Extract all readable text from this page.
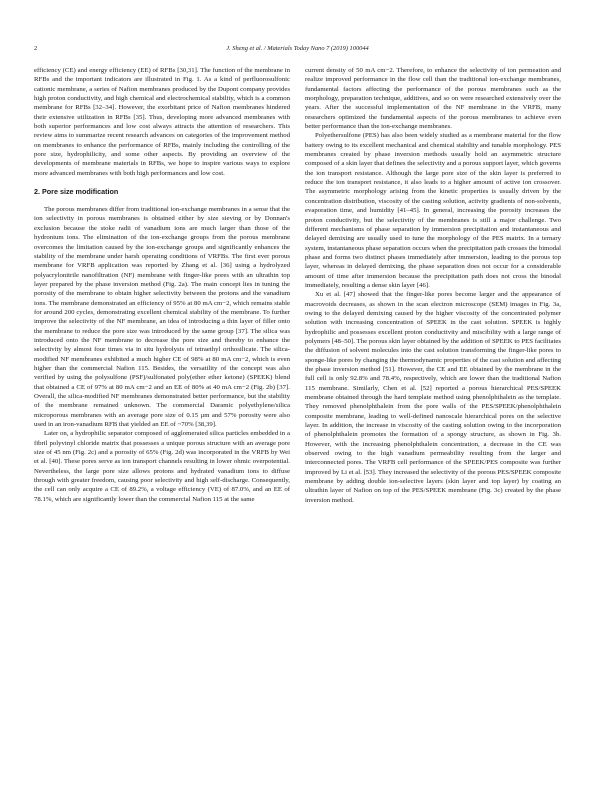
2	J. Sheng et al. / Materials Today Nano 7 (2019) 100044

efficiency (CE) and energy efficiency (EE) of RFBs [30,31]. The function of the membrane in RFBs and the important indicators are illustrated in Fig. 1. As a kind of perfluorosulfonic cationic membrane, a series of Nafion membranes produced by the Dupont company provides high proton conductivity, and high chemical and electrochemical stability, which is a common membrane for RFBs [32–34]. However, the exorbitant price of Nafion membranes hindered their extensive utilization in RFBs [35]. Thus, developing more advanced membranes with both superior performances and low cost always attracts the attention of researchers. This review aims to summarize recent research advances on categories of the improvement method on membranes to enhance the performance of RFBs, mainly including the controlling of the pore size, hydrophilicity, and some other aspects. By providing an overview of the developments of membrane materials in RFBs, we hope to inspire various ways to explore more advanced membranes with both high performances and low cost.

2. Pore size modification

The porous membranes differ from traditional ion-exchange membranes in a sense that the ion selectivity in porous membranes is obtained either by size sieving or by Donnan's exclusion because the stoke radii of vanadium ions are much larger than those of the hydronium ions. The elimination of the ion-exchange groups from the porous membrane overcomes the limitation caused by the ion-exchange groups and significantly enhances the stability of the membrane under harsh operating conditions of VRFBs. The first ever porous membrane for VRFB application was reported by Zhang et al. [36] using a hydrolyzed polyacrylonitrile nanofiltration (NF) membrane with finger-like pores with an ultrathin top layer prepared by the phase inversion method (Fig. 2a). The main concept lies in tuning the porosity of the membrane to obtain higher selectivity between the protons and the vanadium ions. The membrane demonstrated an efficiency of 95% at 80 mA cm−2, which remains stable for around 200 cycles, demonstrating excellent chemical stability of the membrane. To further improve the selectivity of the NF membrane, an idea of introducing a thin layer of filler onto the membrane to reduce the pore size was introduced by the same group [37]. The silica was introduced onto the NF membrane to decrease the pore size and thereby to enhance the selectivity by almost four times via in situ hydrolysis of tetraethyl orthosilicate. The silica-modified NF membranes exhibited a much higher CE of 98% at 80 mA cm−2, which is even higher than the commercial Nafion 115. Besides, the versatility of the concept was also verified by using the polysulfone (PSF)/sulfonated poly(ether ether ketone) (SPEEK) blend that obtained a CE of 97% at 80 mA cm−2 and an EE of 80% at 40 mA cm−2 (Fig. 2b) [37]. Overall, the silica-modified NF membranes demonstrated better performance, but the stability of the membrane remained unknown. The commercial Daramic polyethylene/silica microporous membranes with an average pore size of 0.15 μm and 57% porosity were also used in an iron-vanadium RFB that yielded an EE of ~70% [38,39].

Later on, a hydrophilic separator composed of agglomerated silica particles embedded in a fibril polyvinyl chloride matrix that possesses a unique porous structure with an average pore size of 45 nm (Fig. 2c) and a porosity of 65% (Fig. 2d) was incorporated in the VRFB by Wei et al. [40]. These pores serve as ion transport channels resulting in lower ohmic overpotential. Nevertheless, the large pore size allows protons and hydrated vanadium ions to diffuse through with greater freedom, causing poor selectivity and high self-discharge. Consequently, the cell can only acquire a CE of 89.2%, a voltage efficiency (VE) of 87.0%, and an EE of 78.1%, which are significantly lower than the commercial Nafion 115 at the same

current density of 50 mA cm−2. Therefore, to enhance the selectivity of ion permeation and realize improved performance in the flow cell than the traditional ion-exchange membranes, fundamental factors affecting the performance of the porous membranes such as the morphology, preparation technique, additives, and so on were researched extensively over the years. After the successful implementation of the NF membrane in the VRFB, many researchers optimized the fundamental aspects of the porous membranes to achieve even better performance than the ion-exchange membranes.

Polyethersulfone (PES) has also been widely studied as a membrane material for the flow battery owing to its excellent mechanical and chemical stability and tunable morphology. PES membranes created by phase inversion methods usually hold an asymmetric structure composed of a skin layer that defines the selectivity and a porous support layer, which governs the ion transport resistance. Although the large pore size of the skin layer is preferred to reduce the ion transport resistance, it also leads to a higher amount of active ion crossover. The asymmetric morphology arising from the kinetic properties is usually driven by the concentration distribution, viscosity of the casting solution, activity gradients of non-solvents, evaporation time, and humidity [41–45]. In general, increasing the porosity increases the proton conductivity, but the selectivity of the membranes is still a major challenge. Two different mechanisms of phase separation by immersion precipitation and instantaneous and delayed demixing are usually used to tune the morphology of the PES matrix. In a ternary system, instantaneous phase separation occurs when the precipitation path crosses the bimodal phase and forms two distinct phases immediately after immersion, leading to the porous top layer, whereas in delayed demixing, the phase separation does not occur for a considerable amount of time after immersion because the precipitation path does not cross the binodal immediately, resulting a dense skin layer [46].

Xu et al. [47] showed that the finger-like pores become larger and the appearance of macrovoids decreases, as shown in the scan electron microscope (SEM) images in Fig. 3a, owing to the delayed demixing caused by the higher viscosity of the concentrated polymer solution with increasing concentration of SPEEK in the cast solution. SPEEK is highly hydrophilic and possesses excellent proton conductivity and miscibility with a large range of polymers [48–50]. The porous skin layer obtained by the addition of SPEEK to PES facilitates the diffusion of solvent molecules into the cast solution transforming the finger-like pores to sponge-like pores by changing the thermodynamic properties of the cast solution and affecting the phase inversion method [51]. However, the CE and EE obtained by the membrane in the full cell is only 92.8% and 78.4%, respectively, which are lower than the traditional Nafion 115 membrane. Similarly, Chen et al. [52] reported a porous hierarchical PES/SPEEK membrane obtained through the hard template method using phenolphthalein as the template. They removed phenolphthalein from the pore walls of the PES/SPEEK/phenolphthalein composite membrane, leading to well-defined nanoscale hierarchical pores on the selective layer. In addition, the increase in viscosity of the casting solution owing to the incorporation of phenolphthalein promotes the formation of a spongy structure, as shown in Fig. 3b. However, with the increasing phenolphthalein concentration, a decrease in the CE was observed owing to the high vanadium permeability resulting from the larger and interconnected pores. The VRFB cell performance of the SPEEK/PES composite was further improved by Li et al. [53]. They increased the selectivity of the porous PES/SPEEK composite membrane by adding double ion-selective layers (skin layer and top layer) by coating an ultrathin layer of Nafion on top of the PES/SPEEK membrane (Fig. 3c) created by the phase inversion method.
